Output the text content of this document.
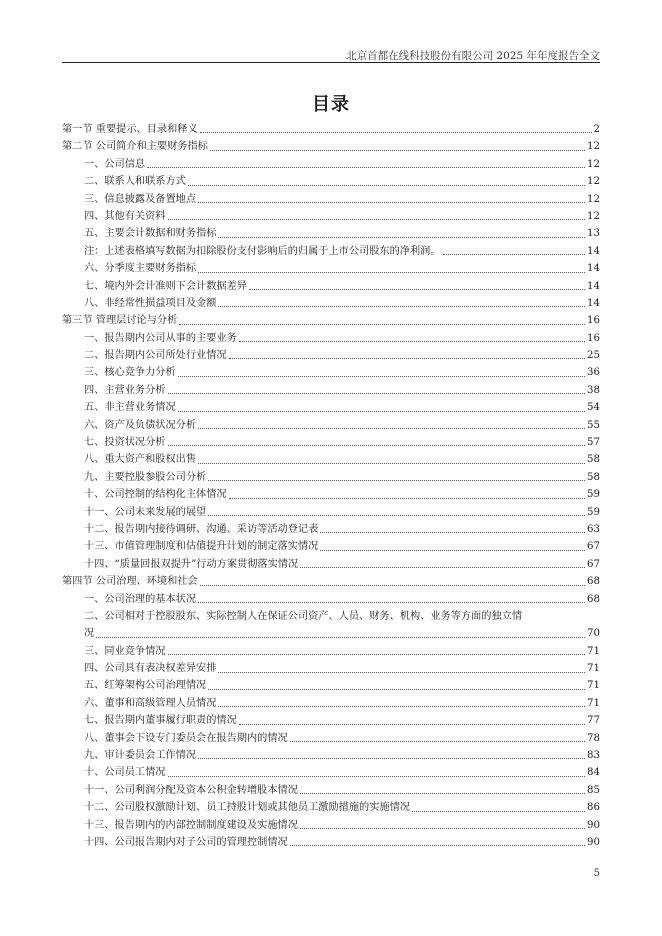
北京首都在线科技股份有限公司 2025 年年度报告全文
目录
第一节 重要提示、目录和释义	2
第二节 公司简介和主要财务指标	12
一、公司信息	12
二、联系人和联系方式	12
三、信息披露及备置地点	12
四、其他有关资料	12
五、主要会计数据和财务指标	13
注：上述表格填写数据为扣除股份支付影响后的归属于上市公司股东的净利润。	14
六、分季度主要财务指标	14
七、境内外会计准则下会计数据差异	14
八、非经常性损益项目及金额	14
第三节 管理层讨论与分析	16
一、报告期内公司从事的主要业务	16
二、报告期内公司所处行业情况	25
三、核心竞争力分析	36
四、主营业务分析	38
五、非主营业务情况	54
六、资产及负债状况分析	55
七、投资状况分析	57
八、重大资产和股权出售	58
九、主要控股参股公司分析	58
十、公司控制的结构化主体情况	59
十一、公司未来发展的展望	59
十二、报告期内接待调研、沟通、采访等活动登记表	63
十三、市值管理制度和估值提升计划的制定落实情况	67
十四、“质量回报双提升”行动方案贯彻落实情况	67
第四节 公司治理、环境和社会	68
一、公司治理的基本状况	68
二、公司相对于控股股东、实际控制人在保证公司资产、人员、财务、机构、业务等方面的独立情
况	70
三、同业竞争情况	71
四、公司具有表决权差异安排	71
五、红筹架构公司治理情况	71
六、董事和高级管理人员情况	71
七、报告期内董事履行职责的情况	77
八、董事会下设专门委员会在报告期内的情况	78
九、审计委员会工作情况	83
十、公司员工情况	84
十一、公司利润分配及资本公积金转增股本情况	85
十二、公司股权激励计划、员工持股计划或其他员工激励措施的实施情况	86
十三、报告期内的内部控制制度建设及实施情况	90
十四、公司报告期内对子公司的管理控制情况	90
5
